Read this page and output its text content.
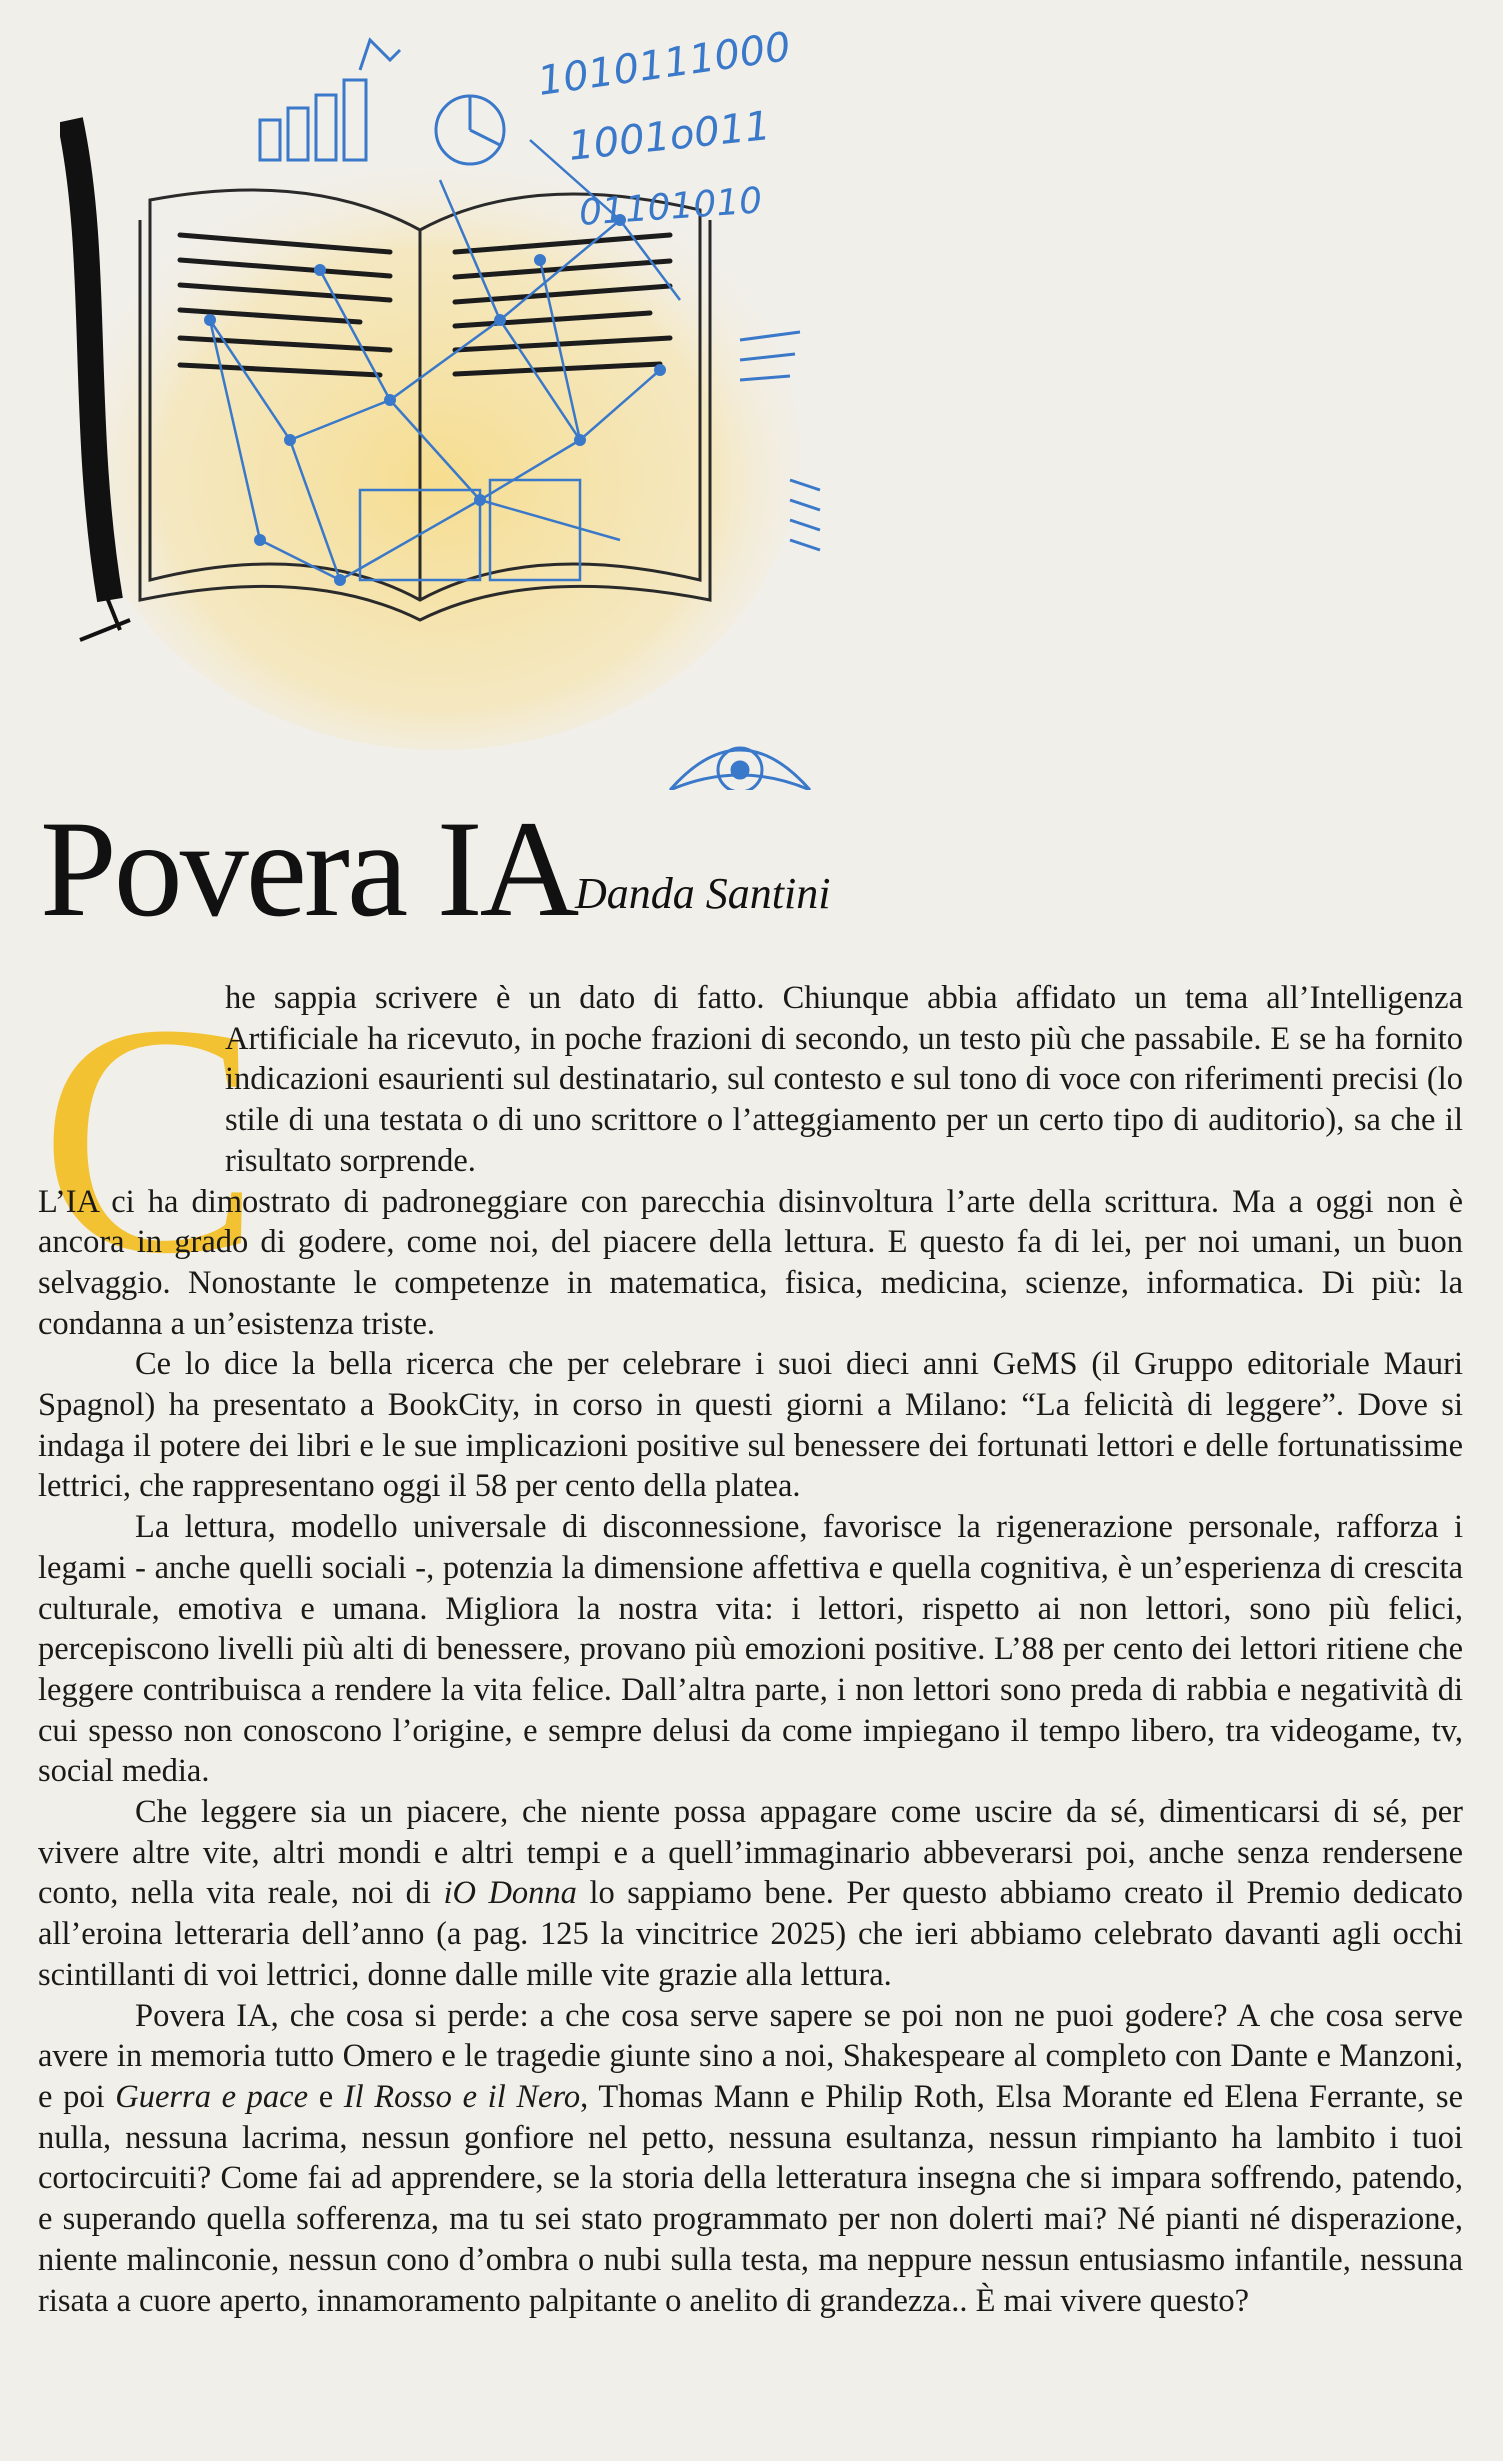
1010111000
1001o011
01101010
Povera IA
Danda Santini
C

he sappia scrivere è un dato di fatto. Chiunque abbia affidato un tema all’Intelligenza Artificiale ha ricevuto, in poche frazioni di secondo, un testo più che passabile. E se ha fornito indicazioni esaurienti sul destinatario, sul contesto e sul tono di voce con riferimenti precisi (lo stile di una testata o di uno scrittore o l’atteggiamento per un certo tipo di auditorio), sa che il risultato sorprende.
L’IA ci ha dimostrato di padroneggiare con parecchia disinvoltura l’arte della scrittura. Ma a oggi non è ancora in grado di godere, come noi, del piacere della lettura. E questo fa di lei, per noi umani, un buon selvaggio. Nonostante le competenze in matematica, fisica, medicina, scienze, informatica. Di più: la condanna a un’esistenza triste.

Ce lo dice la bella ricerca che per celebrare i suoi dieci anni GeMS (il Gruppo editoriale Mauri Spagnol) ha presentato a BookCity, in corso in questi giorni a Milano: “La felicità di leggere”. Dove si indaga il potere dei libri e le sue implicazioni positive sul benessere dei fortunati lettori e delle fortunatissime lettrici, che rappresentano oggi il 58 per cento della platea.

La lettura, modello universale di disconnessione, favorisce la rigenerazione personale, rafforza i legami - anche quelli sociali -, potenzia la dimensione affettiva e quella cognitiva, è un’esperienza di crescita culturale, emotiva e umana. Migliora la nostra vita: i lettori, rispetto ai non lettori, sono più felici, percepiscono livelli più alti di benessere, provano più emozioni positive. L’88 per cento dei lettori ritiene che leggere contribuisca a rendere la vita felice. Dall’altra parte, i non lettori sono preda di rabbia e negatività di cui spesso non conoscono l’origine, e sempre delusi da come impiegano il tempo libero, tra videogame, tv, social media.

Che leggere sia un piacere, che niente possa appagare come uscire da sé, dimenticarsi di sé, per vivere altre vite, altri mondi e altri tempi e a quell’immaginario abbeverarsi poi, anche senza rendersene conto, nella vita reale, noi di iO Donna lo sappiamo bene. Per questo abbiamo creato il Premio dedicato all’eroina letteraria dell’anno (a pag. 125 la vincitrice 2025) che ieri abbiamo celebrato davanti agli occhi scintillanti di voi lettrici, donne dalle mille vite grazie alla lettura.

Povera IA, che cosa si perde: a che cosa serve sapere se poi non ne puoi godere? A che cosa serve avere in memoria tutto Omero e le tragedie giunte sino a noi, Shakespeare al completo con Dante e Manzoni, e poi Guerra e pace e Il Rosso e il Nero, Thomas Mann e Philip Roth, Elsa Morante ed Elena Ferrante, se nulla, nessuna lacrima, nessun gonfiore nel petto, nessuna esultanza, nessun rimpianto ha lambito i tuoi cortocircuiti? Come fai ad apprendere, se la storia della letteratura insegna che si impara soffrendo, patendo, e superando quella sofferenza, ma tu sei stato programmato per non dolerti mai? Né pianti né disperazione, niente malinconie, nessun cono d’ombra o nubi sulla testa, ma neppure nessun entusiasmo infantile, nessuna risata a cuore aperto, innamoramento palpitante o anelito di grandezza.. È mai vivere questo?
